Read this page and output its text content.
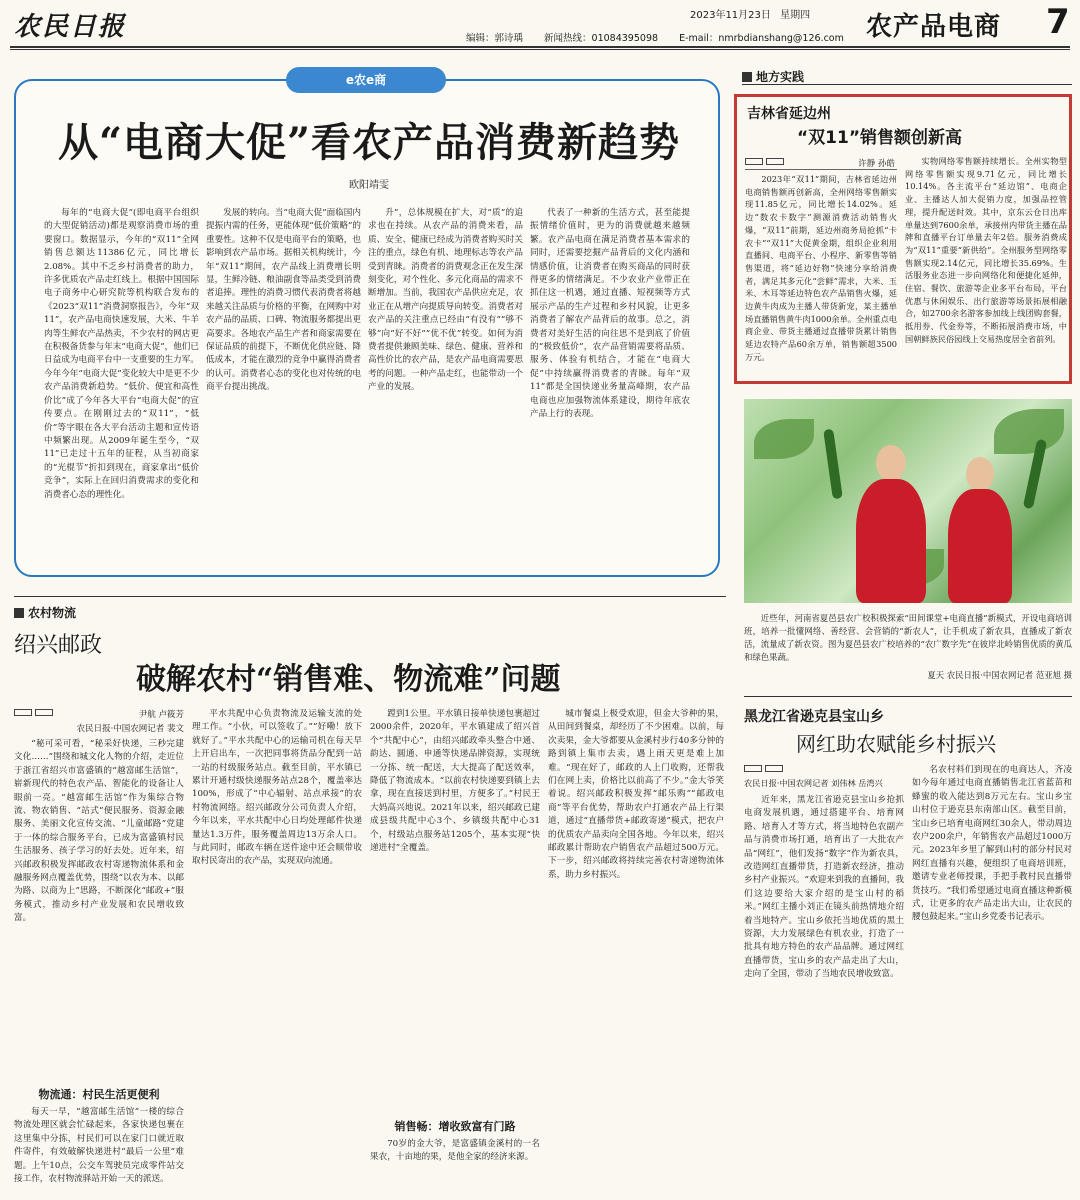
农民日报	2023年11月23日 星期四
编辑：郭诗瑀 新闻热线：01084395098 E-mail：nmrbdianshang@126.com 农产品电商 7
e农e商
从“电商大促”看农产品消费新趋势
欧阳靖雯

每年的“电商大促”(即电商平台组织的大型促销活动)都是观察消费市场的重要窗口。数据显示，今年的“双11”全网销售总额达11386亿元，同比增长2.08%。其中不乏乡村消费者的助力，许多优质农产品走红线上。根据中国国际电子商务中心研究院等机构联合发布的《2023“双11”消费洞察报告》，今年“双11”，农产品电商快速发展，大米、牛羊肉等生鲜农产品热卖，不少农村的网店更在积极备货参与年末“电商大促”，他们已日益成为电商平台中一支重要的生力军。今年今年“电商大促”变化较大中是更不少农产品消费新趋势。“低价、便宜和高性价比”成了今年各大平台“电商大促”的宣传要点。在刚刚过去的“双11”，“低价”等字眼在各大平台活动主题和宣传语中频繁出现。从2009年诞生至今，“双11”已走过十五年的征程，从当初商家的“光棍节”折扣到现在，商家拿出“低价竞争”，实际上在回归消费需求的变化和消费者心态的理性化。

发展的转向。当“电商大促”面临国内提振内需的任务，更能体现“低价策略”的重要性。这种不仅是电商平台的策略，也影响到农产品市场。据相关机构统计，今年“双11”期间，农产品线上消费增长明显，生鲜冷链、粮油副食等品类受到消费者追捧。理性的消费习惯代表消费者将越来越关注品质与价格的平衡，在网购中对农产品的品质、口碑、物流服务都提出更高要求。各地农产品生产者和商家需要在保证品质的前提下，不断优化供应链、降低成本，才能在激烈的竞争中赢得消费者的认可。消费者心态的变化也对传统的电商平台提出挑战。

升”，总体规模在扩大，对“质”的追求也在持续。从农产品的消费来看，品质、安全、健康已经成为消费者购买时关注的重点，绿色有机、地理标志等农产品受到青睐。消费者的消费观念正在发生深刻变化，对个性化、多元化商品的需求不断增加。当前，我国农产品供应充足，农业正在从增产向提质导向转变。消费者对农产品的关注重点已经由“有没有”“够不够”向“好不好”“优不优”转变。如何为消费者提供兼顾美味、绿色、健康、营养和高性价比的农产品，是农产品电商需要思考的问题。一种产品走红，也能带动一个产业的发展。

代表了一种新的生活方式，甚至能提振情绪价值时，更为的消费就越来越频繁。农产品电商在满足消费者基本需求的同时，还需要挖掘产品背后的文化内涵和情感价值，让消费者在购买商品的同时获得更多的情绪满足。不少农业产业带正在抓住这一机遇，通过直播、短视频等方式展示产品的生产过程和乡村风貌，让更多消费者了解农产品背后的故事。总之，消费者对美好生活的向往思不是到底了价值的“极致低价”，农产品营销需要将品质、服务、体验有机结合，才能在“电商大促”中持续赢得消费者的青睐。每年“双11”都是全国快递业务量高峰期，农产品电商也应加强物流体系建设，期待年底农产品上行的表现。

地方实践
吉林省延边州
“双11”销售额创新高
许静 孙皓

2023年“双11”期间，吉林省延边州电商销售额再创新高，全州网络零售额实现11.85亿元，同比增长14.02%。延边“数农卡数字”测源消费活动销售火爆，“双11”前期，延边州商务局抢抓“卡农卡”“双11”大促黄金期，组织企业利用直播间、电商平台、小程序、新零售等销售渠道，将“延边好物”快速分享给消费者，满足其多元化“尝鲜”需求，大米、玉米、木耳等延边特色农产品销售火爆，延边黄牛肉成为主播人带货新宠，某主播单场直播销售黄牛肉1000余单。全州重点电商企业、带货主播通过直播带货累计销售延边农特产品60余万单，销售额超3500万元。

实物网络零售额持续增长。全州实物型网络零售额实现9.71亿元，同比增长10.14%。各主流平台“延边馆”、电商企业、主播达人加大促销力度，加强品控管理，提升配送时效。其中，京东云仓日出库单量达到7600余单，承接州内带货主播在品牌和直播平台订单量去年2倍。服务消费成为“双11”重要“新供给”。全州服务型网络零售额实现2.14亿元，同比增长35.69%。生活服务业态进一步向网络化和便捷化延伸，住宿、餐饮、旅游等企业多平台布局，平台优惠与休闲娱乐、出行旅游等场景拓展相融合，如2700余名游客参加线上线团购套餐，抵用券、代金券等，不断拓展消费市场，中国朝鲜族民俗园线上交易热度居全省前列。

近些年，河南省夏邑县农广校积极探索“田间课堂+电商直播”新模式，开设电商培训班，培养一批懂网络、善经营、会营销的“新农人”，让手机成了新农具，直播成了新农活，流量成了新农资。图为夏邑县农广校培养的“农广数字先”在彼岸北岭销售优质的黄瓜和绿色果蔬。

夏天 农民日报·中国农网记者 范亚旭 摄
农村物流
绍兴邮政
破解农村“销售难、物流难”问题
尹航 卢筱芳
农民日报·中国农网记者 裴文

“秘可采可看，“秘采好快递，三秒完建文化……”围绕和城文化人物的介绍，走近位于浙江省绍兴市富盛镇的“越富邮生活馆”，崭新现代的特色农产品、智能化的设备让人眼前一亮。“越富邮生活馆”作为集综合物流、物农销售、“站式”便民服务、资源金融服务、美丽文化宣传交流、“儿童邮路”党建于一体的综合服务平台，已成为富盛镇村民生活服务、孩子学习的好去处。近年来，绍兴邮政积极发挥邮政农村寄递物流体系和金融服务网点覆盖优势，围绕“以农为本、以邮为路、以商为上”思路，不断深化“邮政+”服务模式，推动乡村产业发展和农民增收致富。

物流通：村民生活更便利

每天一早，“越富邮生活馆”一楼的综合物流处理区就会忙碌起来，各家快递包裹在这里集中分拣，村民们可以在家门口就近取件寄件，有效破解快递进村“最后一公里”难题。上午10点，公交车驾驶员完成零件站交接工作，农村物流驿站开始一天的派送。

平水共配中心负责物流及运输支流的处理工作。“小伙，可以签收了。”“好嘞！放下就好了。”平水共配中心的运输司机在每天早上开启出车，一次把同事将货品分配到一站一站的村级服务站点。截至目前，平水镇已累计开通村级快递服务站点28个，覆盖率达100%，形成了“中心辐射、站点承接”的农村物流网络。绍兴邮政分公司负责人介绍，今年以来，平水共配中心日均处理邮件快递量达1.3万件，服务覆盖周边13万余人口。与此同时，邮政车辆在送件途中还会顺带收取村民寄出的农产品，实现双向流通。

蹚到1公里。平水镇日接单快递包裹超过2000余件，2020年，平水镇建成了绍兴首个“共配中心”，由绍兴邮政牵头整合中通、韵达、圆通、申通等快递品牌资源，实现统一分拣、统一配送，大大提高了配送效率，降低了物流成本。“以前农村快递要到镇上去拿，现在直接送到村里，方便多了。”村民王大妈高兴地说。2021年以来，绍兴邮政已建成县级共配中心3个、乡镇级共配中心31个，村级站点服务站1205个，基本实现“快递进村”全覆盖。

销售畅：增收致富有门路

70岁的金大爷，是富盛镇金溪村的一名果农，十亩地的果，是他全家的经济来源。

城市餐桌上极受欢迎，但金大爷种的果，从田间到餐桌，却经历了不少困难。以前，每次卖果，金大爷都要从金溪村步行40多分钟的路到镇上集市去卖，遇上雨天更是难上加难。“现在好了，邮政的人上门收购，还帮我们在网上卖，价格比以前高了不少。”金大爷笑着说。绍兴邮政积极发挥“邮乐购”“邮政电商”等平台优势，帮助农户打通农产品上行渠道，通过“直播带货+邮政寄递”模式，把农户的优质农产品卖向全国各地。今年以来，绍兴邮政累计帮助农户销售农产品超过500万元。下一步，绍兴邮政将持续完善农村寄递物流体系，助力乡村振兴。

黑龙江省逊克县宝山乡
网红助农赋能乡村振兴
农民日报·中国农网记者 刘伟林 岳湾兴

近年来，黑龙江省逊克县宝山乡抢抓电商发展机遇，通过搭建平台、培育网路、培育人才等方式，将当地特色农副产品与消费市场打通，培育出了一大批农产品“网红”，他们发扬“数字”作为新农具，改造网红直播带货，打造新农经济，推动乡村产业振兴。“欢迎来到我的直播间，我们这边要给大家介绍的是宝山村的稻米。”网红主播小刘正在镜头前热情地介绍着当地特产。宝山乡依托当地优质的黑土资源，大力发展绿色有机农业，打造了一批具有地方特色的农产品品牌。通过网红直播带货，宝山乡的农产品走出了大山，走向了全国，带动了当地农民增收致富。

名农村料们到现在的电商达人，齐凌如今每年通过电商直播销售北江省蓝苗和蜂蜜的收入能达到8万元左右。宝山乡宝山村位于逊克县东南部山区。截至目前，宝山乡已培育电商网红30余人，带动周边农户200余户，年销售农产品超过1000万元。2023年乡里了解到山村的部分村民对网红直播有兴趣，便组织了电商培训班，邀请专业老师授课，手把手教村民直播带货技巧。“我们希望通过电商直播这种新模式，让更多的农产品走出大山，让农民的腰包鼓起来。”宝山乡党委书记表示。
